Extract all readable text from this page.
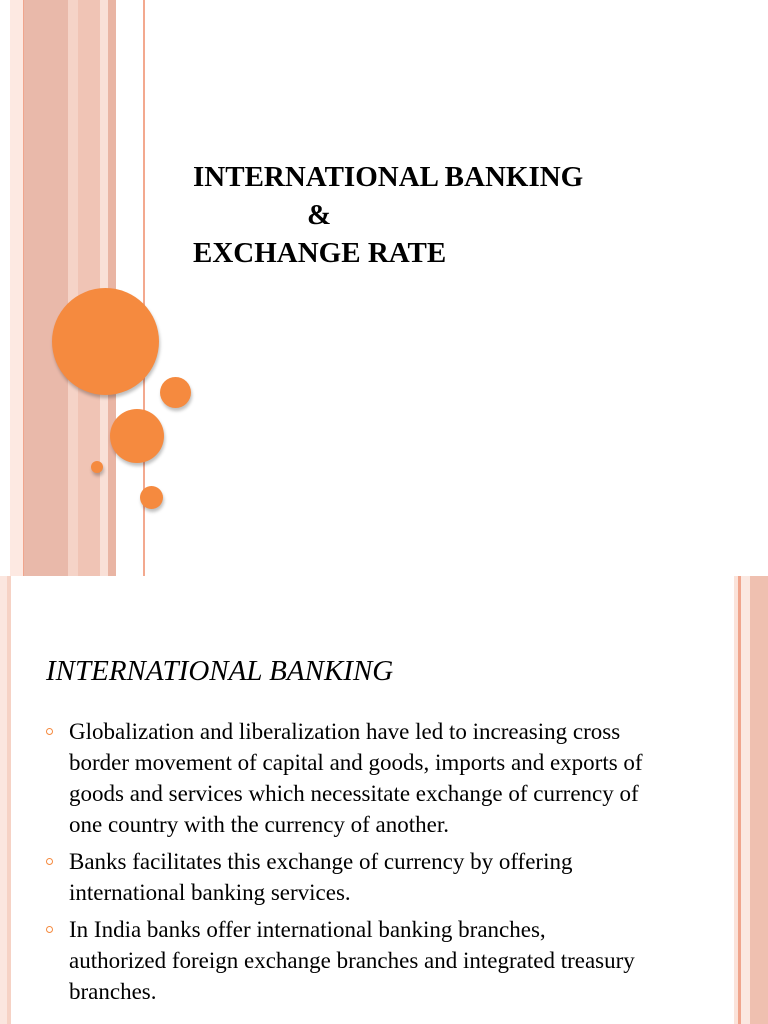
INTERNATIONAL BANKING
&
EXCHANGE RATE
INTERNATIONAL BANKING
Globalization and liberalization have led to increasing cross border movement of capital and goods, imports and exports of goods and services which necessitate exchange of currency of one country with the currency of another.
Banks facilitates this exchange of currency by offering international banking services.
In India banks offer international banking branches, authorized foreign exchange branches and integrated treasury branches.
